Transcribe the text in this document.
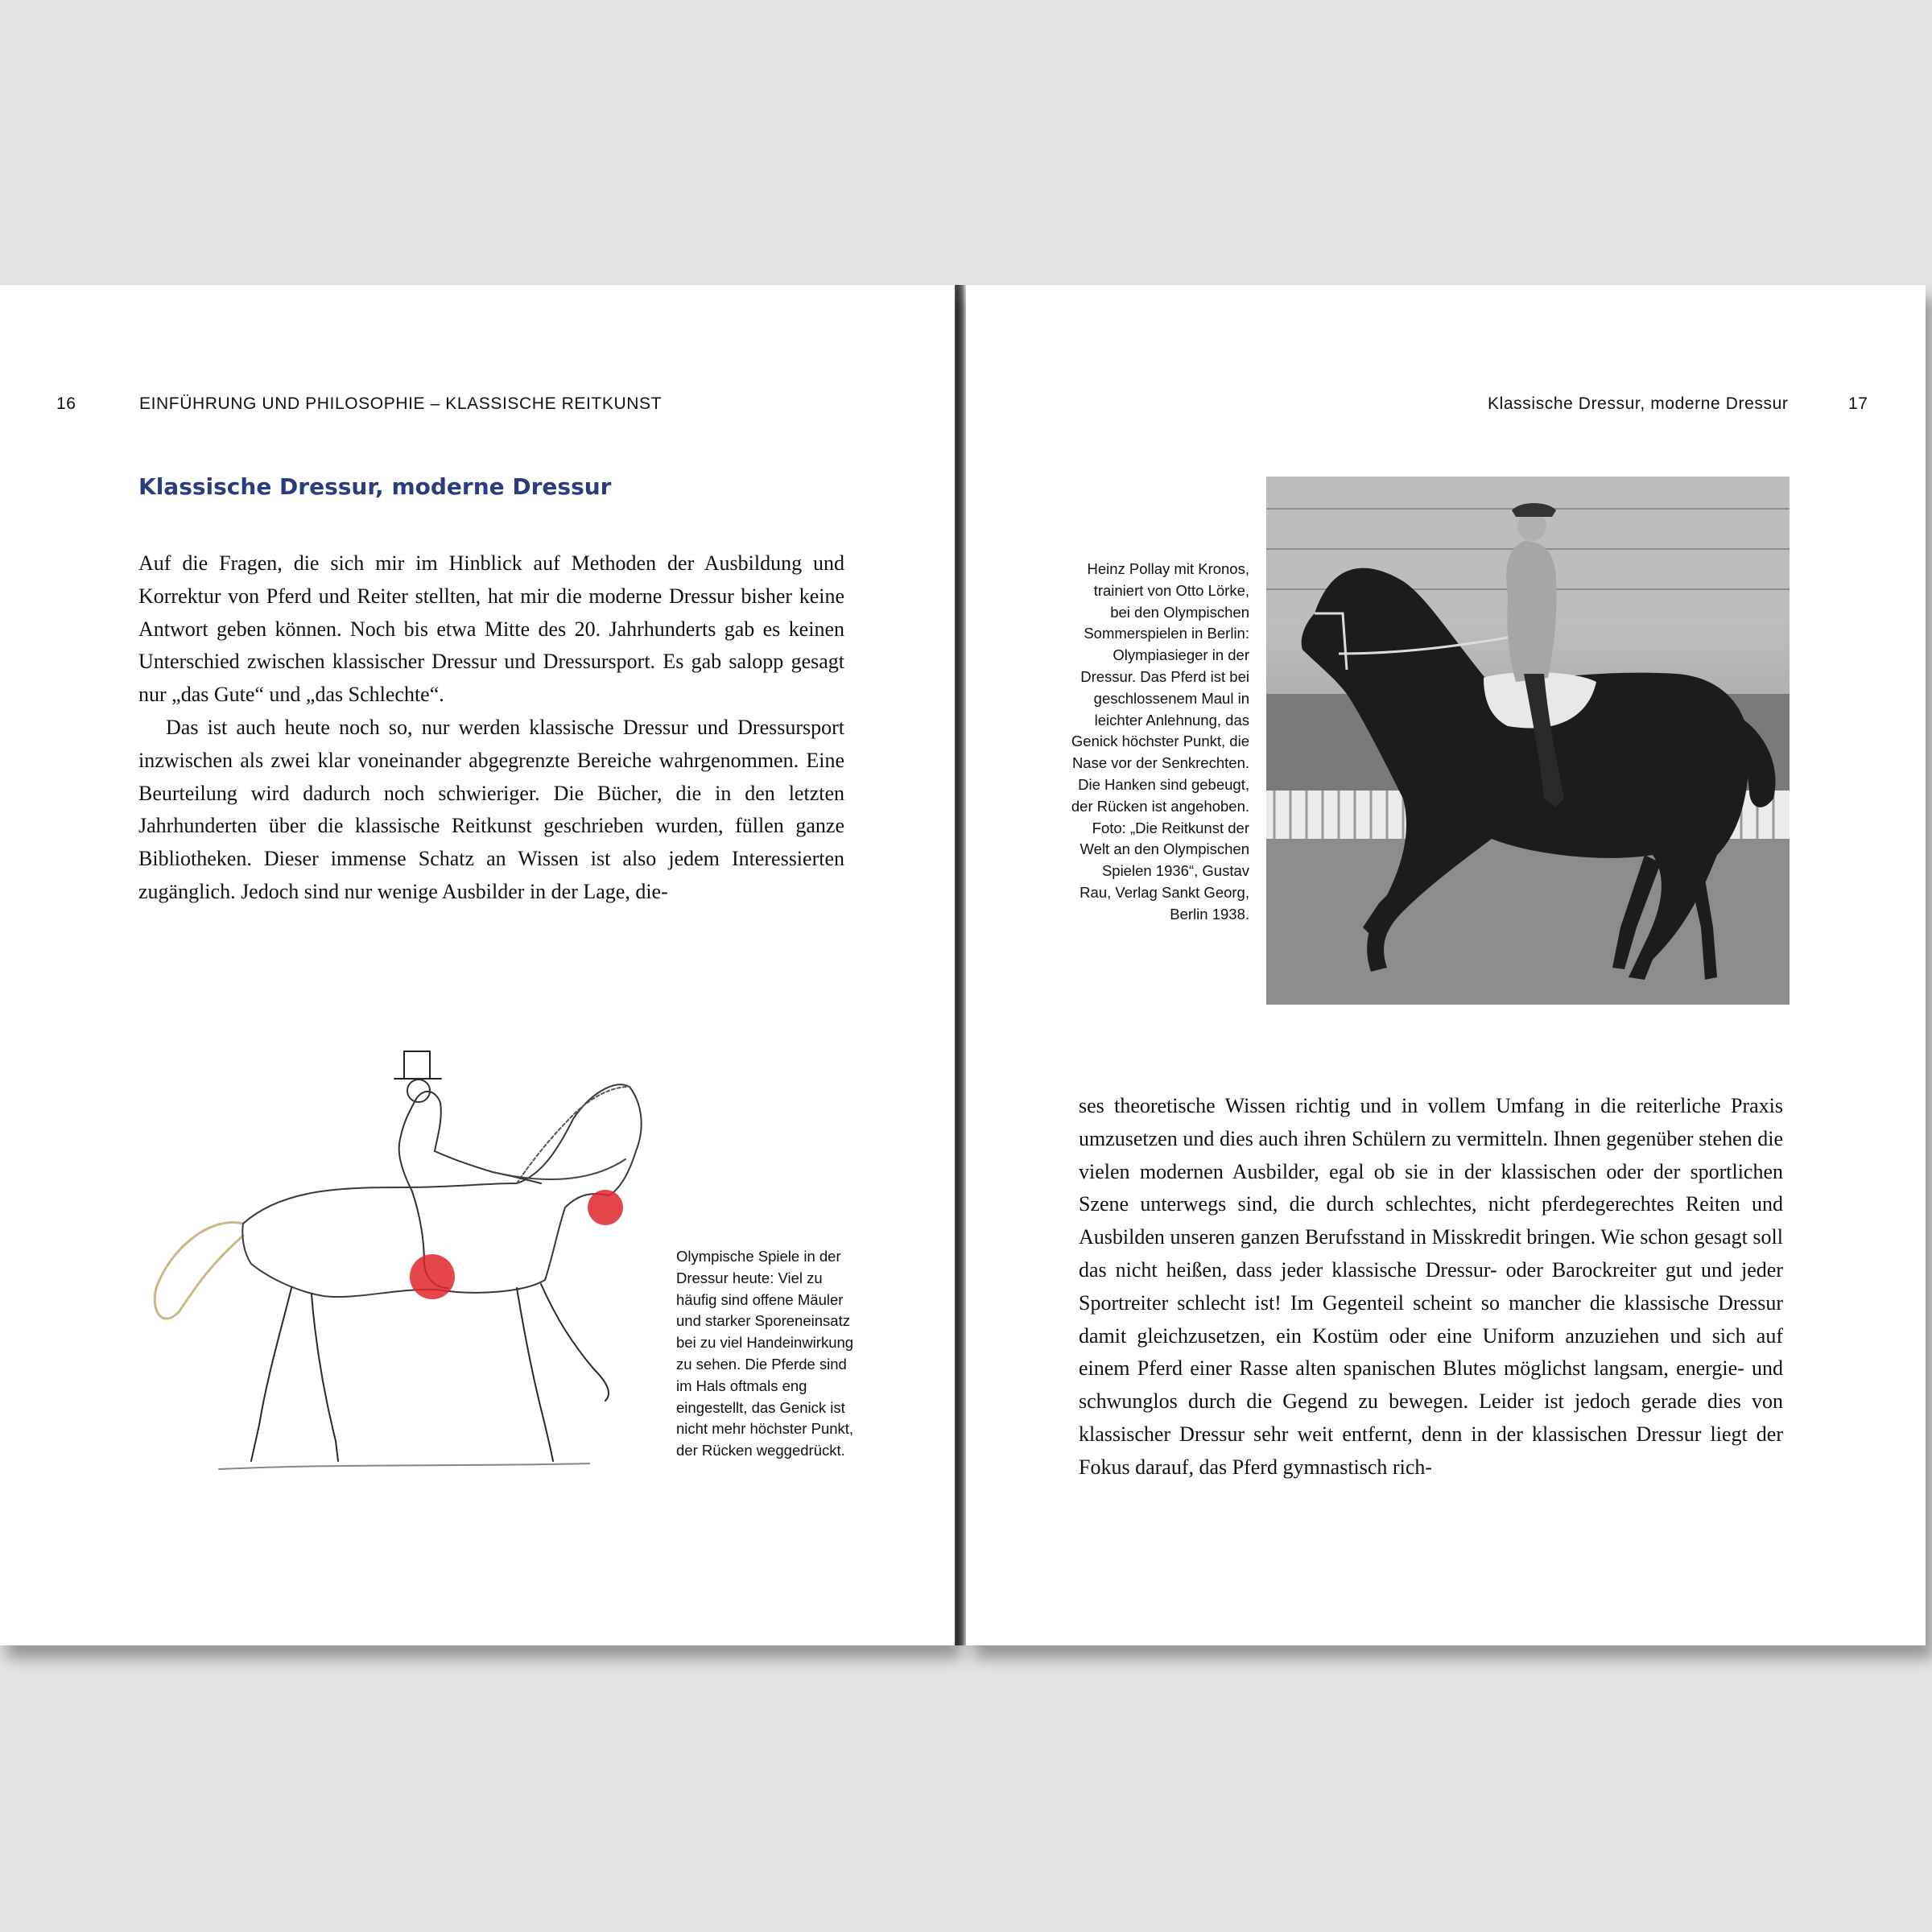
16	EINFÜHRUNG UND PHILOSOPHIE – KLASSISCHE REITKUNST
Klassische Dressur, moderne Dressur

Auf die Fragen, die sich mir im Hinblick auf Methoden der Ausbildung und Korrektur von Pferd und Reiter stellten, hat mir die moderne Dressur bisher keine Antwort geben können. Noch bis etwa Mitte des 20. Jahrhunderts gab es keinen Unterschied zwischen klassischer Dressur und Dressursport. Es gab salopp gesagt nur „das Gute“ und „das Schlechte“.

Das ist auch heute noch so, nur werden klassische Dressur und Dressursport inzwischen als zwei klar voneinander abgegrenzte Bereiche wahrgenommen. Eine Beurteilung wird dadurch noch schwieriger. Die Bücher, die in den letzten Jahrhunderten über die klassische Reitkunst geschrieben wurden, füllen ganze Bibliotheken. Dieser immense Schatz an Wissen ist also jedem Interessierten zugänglich. Jedoch sind nur wenige Ausbilder in der Lage, die-

Olympische Spiele in der Dressur heute: Viel zu häufig sind offene Mäuler und starker Sporeneinsatz bei zu viel Handeinwirkung zu sehen. Die Pferde sind im Hals oftmals eng eingestellt, das Genick ist nicht mehr höchster Punkt, der Rücken weggedrückt.
Klassische Dressur, moderne Dressur	17
Heinz Pollay mit Kronos, trainiert von Otto Lörke, bei den Olympischen Sommerspielen in Berlin: Olympiasieger in der Dressur. Das Pferd ist bei geschlossenem Maul in leichter Anlehnung, das Genick höchster Punkt, die Nase vor der Senkrechten. Die Hanken sind gebeugt, der Rücken ist angehoben. Foto: „Die Reitkunst der Welt an den Olympischen Spielen 1936“, Gustav Rau, Verlag Sankt Georg, Berlin 1938.

ses theoretische Wissen richtig und in vollem Umfang in die reiterliche Praxis umzusetzen und dies auch ihren Schülern zu vermitteln. Ihnen gegenüber stehen die vielen modernen Ausbilder, egal ob sie in der klassischen oder der sportlichen Szene unterwegs sind, die durch schlechtes, nicht pferdegerechtes Reiten und Ausbilden unseren ganzen Berufsstand in Misskredit bringen. Wie schon gesagt soll das nicht heißen, dass jeder klassische Dressur- oder Barockreiter gut und jeder Sportreiter schlecht ist! Im Gegenteil scheint so mancher die klassische Dressur damit gleichzusetzen, ein Kostüm oder eine Uniform anzuziehen und sich auf einem Pferd einer Rasse alten spanischen Blutes möglichst langsam, energie- und schwunglos durch die Gegend zu bewegen. Leider ist jedoch gerade dies von klassischer Dressur sehr weit entfernt, denn in der klassischen Dressur liegt der Fokus darauf, das Pferd gymnastisch rich-
